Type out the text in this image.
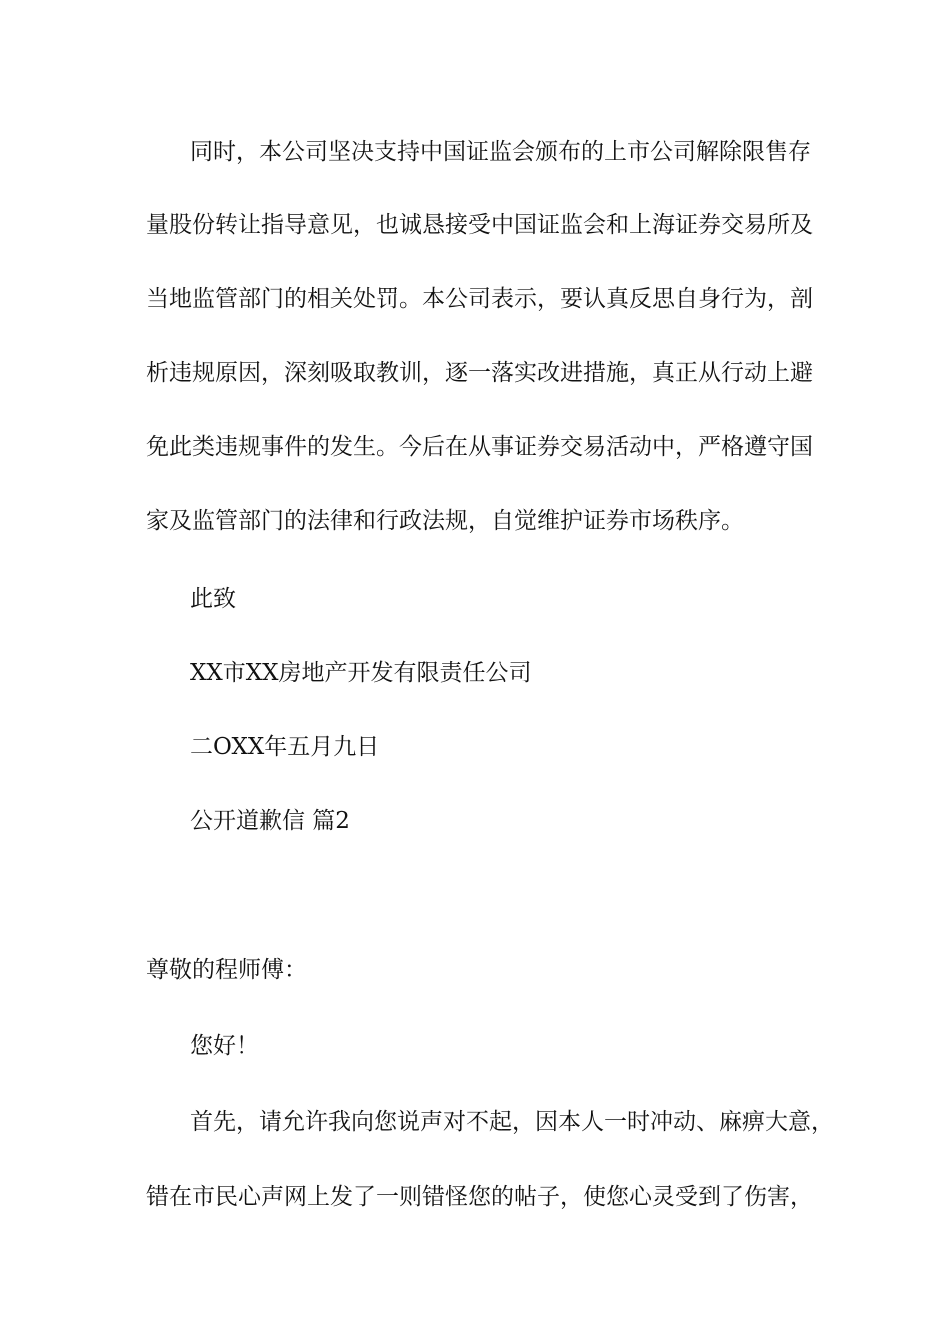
同时，本公司坚决支持中国证监会颁布的上市公司解除限售存
量股份转让指导意见，也诚恳接受中国证监会和上海证券交易所及
当地监管部门的相关处罚。本公司表示，要认真反思自身行为，剖
析违规原因，深刻吸取教训，逐一落实改进措施，真正从行动上避
免此类违规事件的发生。今后在从事证券交易活动中，严格遵守国
家及监管部门的法律和行政法规，自觉维护证券市场秩序。
此致
XX市XX房地产开发有限责任公司
二OXX年五月九日
公开道歉信 篇2
尊敬的程师傅：
您好！
首先，请允许我向您说声对不起，因本人一时冲动、麻痹大意，
错在市民心声网上发了一则错怪您的帖子，使您心灵受到了伤害，
